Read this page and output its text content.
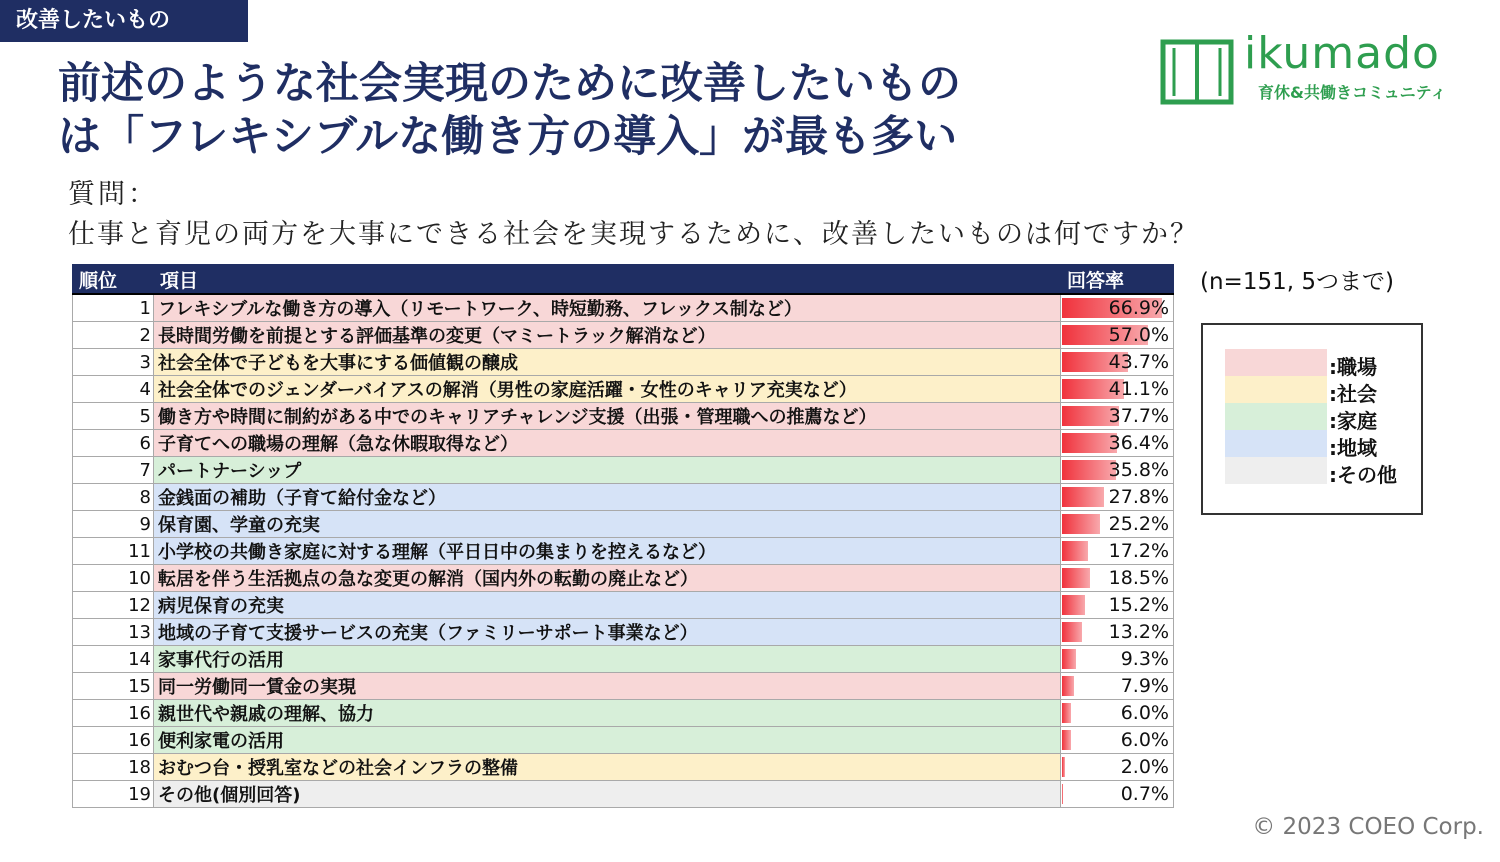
改善したいもの
前述のような社会実現のために改善したいもの
は「フレキシブルな働き方の導入」が最も多い
ikumado
育休&共働きコミュニティ
質問：
仕事と育児の両方を大事にできる社会を実現するために、改善したいものは何ですか？
順位	項目	回答率
1	フレキシブルな働き方の導入（リモートワーク、時短勤務、フレックス制など）	66.9%
2	長時間労働を前提とする評価基準の変更（マミートラック解消など）	57.0%
3	社会全体で子どもを大事にする価値観の醸成	43.7%
4	社会全体でのジェンダーバイアスの解消（男性の家庭活躍・女性のキャリア充実など）	41.1%
5	働き方や時間に制約がある中でのキャリアチャレンジ支援（出張・管理職への推薦など）	37.7%
6	子育てへの職場の理解（急な休暇取得など）	36.4%
7	パートナーシップ	35.8%
8	金銭面の補助（子育て給付金など）	27.8%
9	保育園、学童の充実	25.2%
11	小学校の共働き家庭に対する理解（平日日中の集まりを控えるなど）	17.2%
10	転居を伴う生活拠点の急な変更の解消（国内外の転勤の廃止など）	18.5%
12	病児保育の充実	15.2%
13	地域の子育て支援サービスの充実（ファミリーサポート事業など）	13.2%
14	家事代行の活用	9.3%
15	同一労働同一賃金の実現	7.9%
16	親世代や親戚の理解、協力	6.0%
16	便利家電の活用	6.0%
18	おむつ台・授乳室などの社会インフラの整備	2.0%
19	その他(個別回答)	0.7%
(n=151, 5つまで)
:職場
:社会
:家庭
:地域
:その他
© 2023 COEO Corp.
